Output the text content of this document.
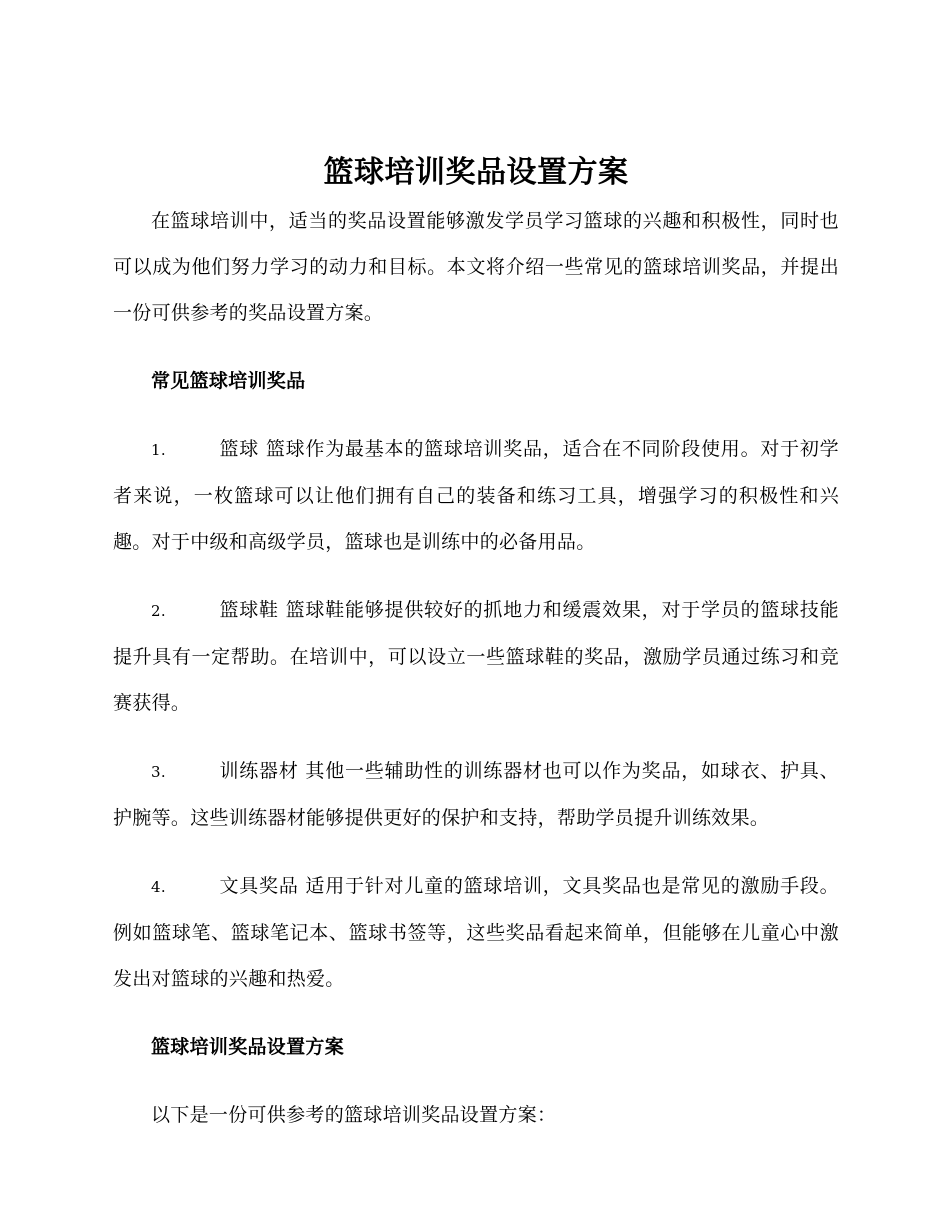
篮球培训奖品设置方案

在篮球培训中，适当的奖品设置能够激发学员学习篮球的兴趣和积极性，同时也可以成为他们努力学习的动力和目标。本文将介绍一些常见的篮球培训奖品，并提出一份可供参考的奖品设置方案。

常见篮球培训奖品

1.	篮球 篮球作为最基本的篮球培训奖品，适合在不同阶段使用。对于初学者来说，一枚篮球可以让他们拥有自己的装备和练习工具，增强学习的积极性和兴趣。对于中级和高级学员，篮球也是训练中的必备用品。

2.	篮球鞋 篮球鞋能够提供较好的抓地力和缓震效果，对于学员的篮球技能提升具有一定帮助。在培训中，可以设立一些篮球鞋的奖品，激励学员通过练习和竞赛获得。

3.	训练器材 其他一些辅助性的训练器材也可以作为奖品，如球衣、护具、护腕等。这些训练器材能够提供更好的保护和支持，帮助学员提升训练效果。

4.	文具奖品 适用于针对儿童的篮球培训，文具奖品也是常见的激励手段。例如篮球笔、篮球笔记本、篮球书签等，这些奖品看起来简单，但能够在儿童心中激发出对篮球的兴趣和热爱。

篮球培训奖品设置方案

以下是一份可供参考的篮球培训奖品设置方案：
